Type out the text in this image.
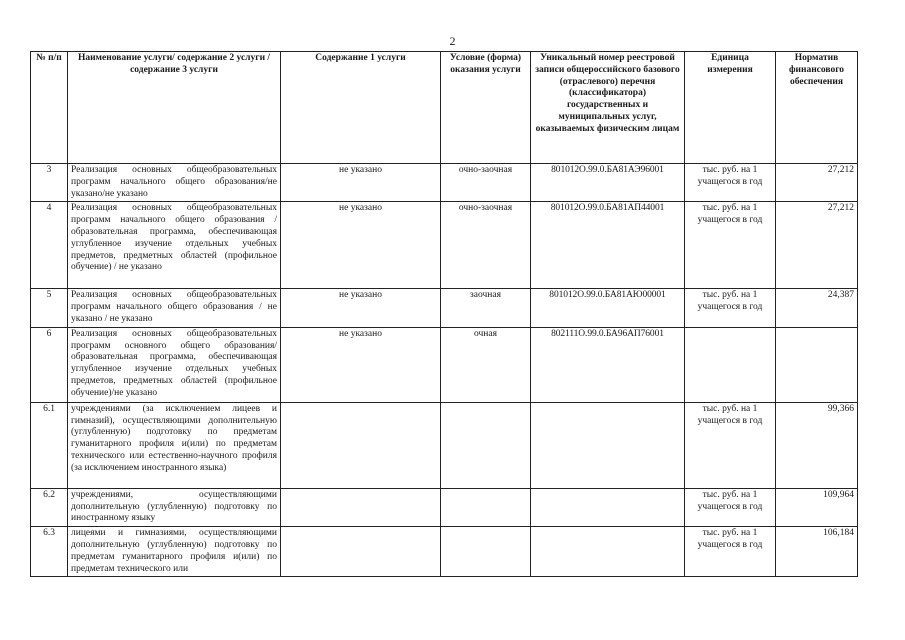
2
№ п/п	Наименование услуги/ содержание 2 услуги / содержание 3 услуги	Содержание 1 услуги	Условие (форма) оказания услуги	Уникальный номер реестровой записи общероссийского базового (отраслевого) перечня (классификатора) государственных и муниципальных услуг, оказываемых физическим лицам	Единица измерения	Норматив финансового обеспечения
3	Реализация основных общеобразовательных программ начального общего образования/не указано/не указано	не указано	очно-заочная	801012О.99.0.БА81АЭ96001	тыс. руб. на 1 учащегося в год	27,212
4	Реализация основных общеобразовательных программ начального общего образования / образовательная программа, обеспечивающая углубленное изучение отдельных учебных предметов, предметных областей (профильное обучение) / не указано	не указано	очно-заочная	801012О.99.0.БА81АП44001	тыс. руб. на 1 учащегося в год	27,212
5	Реализация основных общеобразовательных программ начального общего образования / не указано / не указано	не указано	заочная	801012О.99.0.БА81АЮ00001	тыс. руб. на 1 учащегося в год	24,387
6	Реализация основных общеобразовательных программ основного общего образования/образовательная программа, обеспечивающая углубленное изучение отдельных учебных предметов, предметных областей (профильное обучение)/не указано	не указано	очная	802111О.99.0.БА96АП76001		
6.1	учреждениями (за исключением лицеев и гимназий), осуществляющими дополнительную (углубленную) подготовку по предметам гуманитарного профиля и(или) по предметам технического или естественно-научного профиля (за исключением иностранного языка)				тыс. руб. на 1 учащегося в год	99,366
6.2	учреждениями, осуществляющими дополнительную (углубленную) подготовку по иностранному языку				тыс. руб. на 1 учащегося в год	109,964
6.3	лицеями и гимназиями, осуществляющими дополнительную (углубленную) подготовку по предметам гуманитарного профиля и(или) по предметам технического или				тыс. руб. на 1 учащегося в год	106,184
